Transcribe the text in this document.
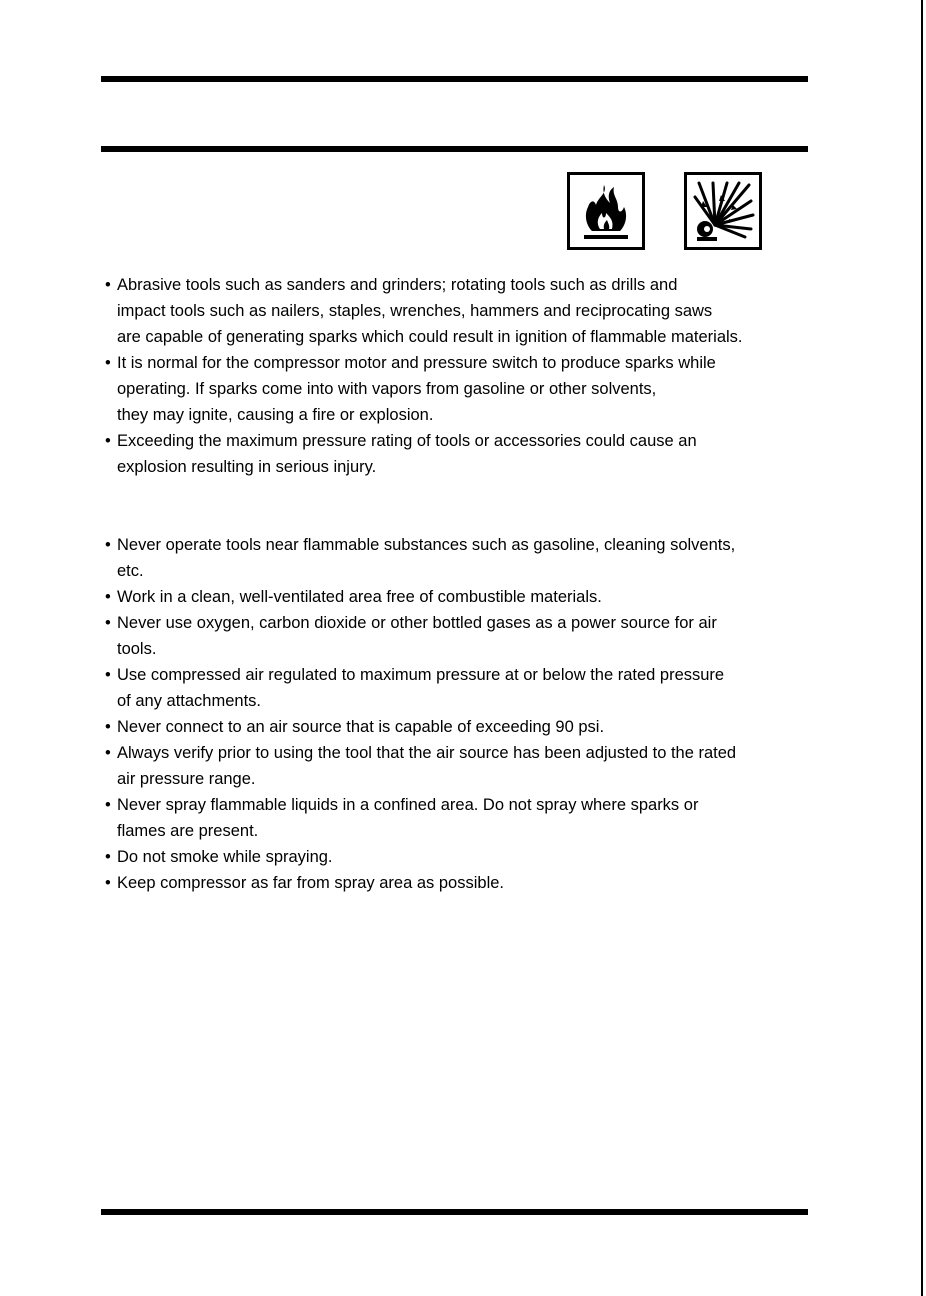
• Abrasive tools such as sanders and grinders; rotating tools such as drills and
impact tools such as nailers, staples, wrenches, hammers and reciprocating saws
are capable of generating sparks which could result in ignition of flammable materials.
• It is normal for the compressor motor and pressure switch to produce sparks while
operating. If sparks come into with vapors from gasoline or other solvents,
they may ignite, causing a fire or explosion.
• Exceeding the maximum pressure rating of tools or accessories could cause an
explosion resulting in serious injury.
• Never operate tools near flammable substances such as gasoline, cleaning solvents,
etc.
• Work in a clean, well-ventilated area free of combustible materials.
• Never use oxygen, carbon dioxide or other bottled gases as a power source for air
tools.
• Use compressed air regulated to maximum pressure at or below the rated pressure
of any attachments.
• Never connect to an air source that is capable of exceeding 90 psi.
• Always verify prior to using the tool that the air source has been adjusted to the rated
air pressure range.
• Never spray flammable liquids in a confined area. Do not spray where sparks or
flames are present.
• Do not smoke while spraying.
• Keep compressor as far from spray area as possible.
